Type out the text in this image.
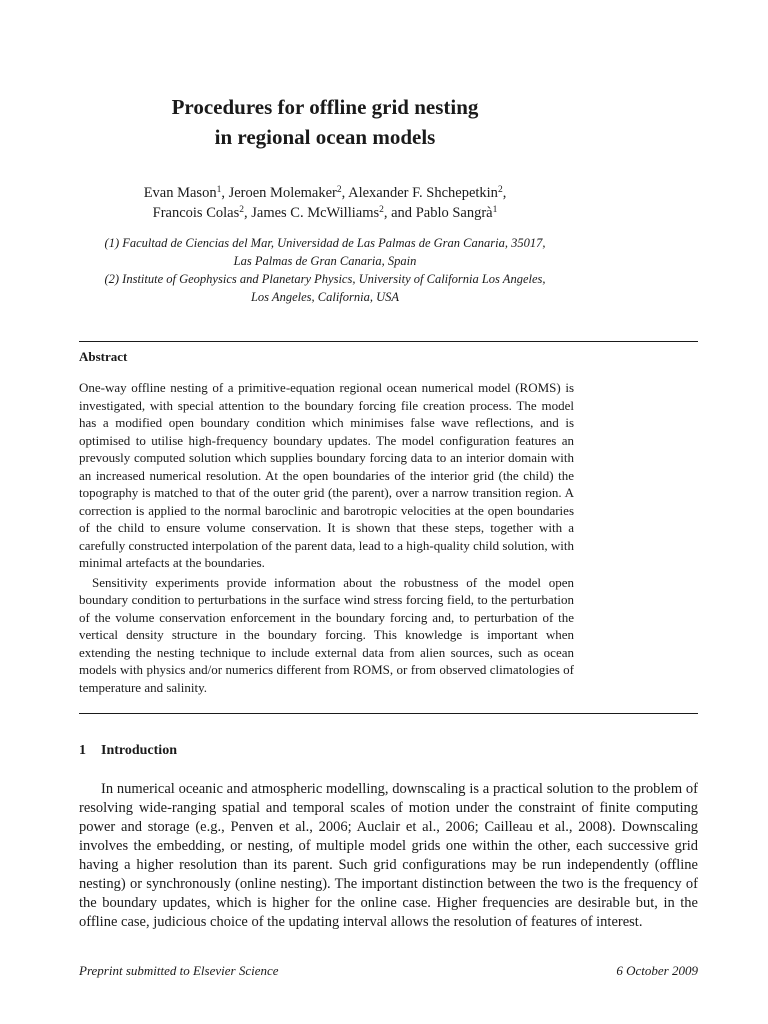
Procedures for offline grid nesting
in regional ocean models
Evan Mason$^1$, Jeroen Molemaker$^2$, Alexander F. Shchepetkin$^2$,
Francois Colas$^2$, James C. McWilliams$^2$, and Pablo Sangrà$^1$
(1) Facultad de Ciencias del Mar, Universidad de Las Palmas de Gran Canaria, 35017,
Las Palmas de Gran Canaria, Spain
(2) Institute of Geophysics and Planetary Physics, University of California Los Angeles,
Los Angeles, California, USA
Abstract

One-way offline nesting of a primitive-equation regional ocean numerical model (ROMS) is investigated, with special attention to the boundary forcing file creation process. The model has a modified open boundary condition which minimises false wave reflections, and is optimised to utilise high-frequency boundary updates. The model configuration features an prevously computed solution which supplies boundary forcing data to an interior domain with an increased numerical resolution. At the open boundaries of the interior grid (the child) the topography is matched to that of the outer grid (the parent), over a narrow transition region. A correction is applied to the normal baroclinic and barotropic velocities at the open boundaries of the child to ensure volume conservation. It is shown that these steps, together with a carefully constructed interpolation of the parent data, lead to a high-quality child solution, with minimal artefacts at the boundaries.

Sensitivity experiments provide information about the robustness of the model open boundary condition to perturbations in the surface wind stress forcing field, to the perturbation of the volume conservation enforcement in the boundary forcing and, to perturbation of the vertical density structure in the boundary forcing. This knowledge is important when extending the nesting technique to include external data from alien sources, such as ocean models with physics and/or numerics different from ROMS, or from observed climatologies of temperature and salinity.

1 Introduction

In numerical oceanic and atmospheric modelling, downscaling is a practical solution to the problem of resolving wide-ranging spatial and temporal scales of motion under the constraint of finite computing power and storage (e.g., Penven et al., 2006; Auclair et al., 2006; Cailleau et al., 2008). Downscaling involves the embedding, or nesting, of multiple model grids one within the other, each successive grid having a higher resolution than its parent. Such grid configurations may be run independently (offline nesting) or synchronously (online nesting). The important distinction between the two is the frequency of the boundary updates, which is higher for the online case. Higher frequencies are desirable but, in the offline case, judicious choice of the updating interval allows the resolution of features of interest.

Preprint submitted to Elsevier Science	6 October 2009
